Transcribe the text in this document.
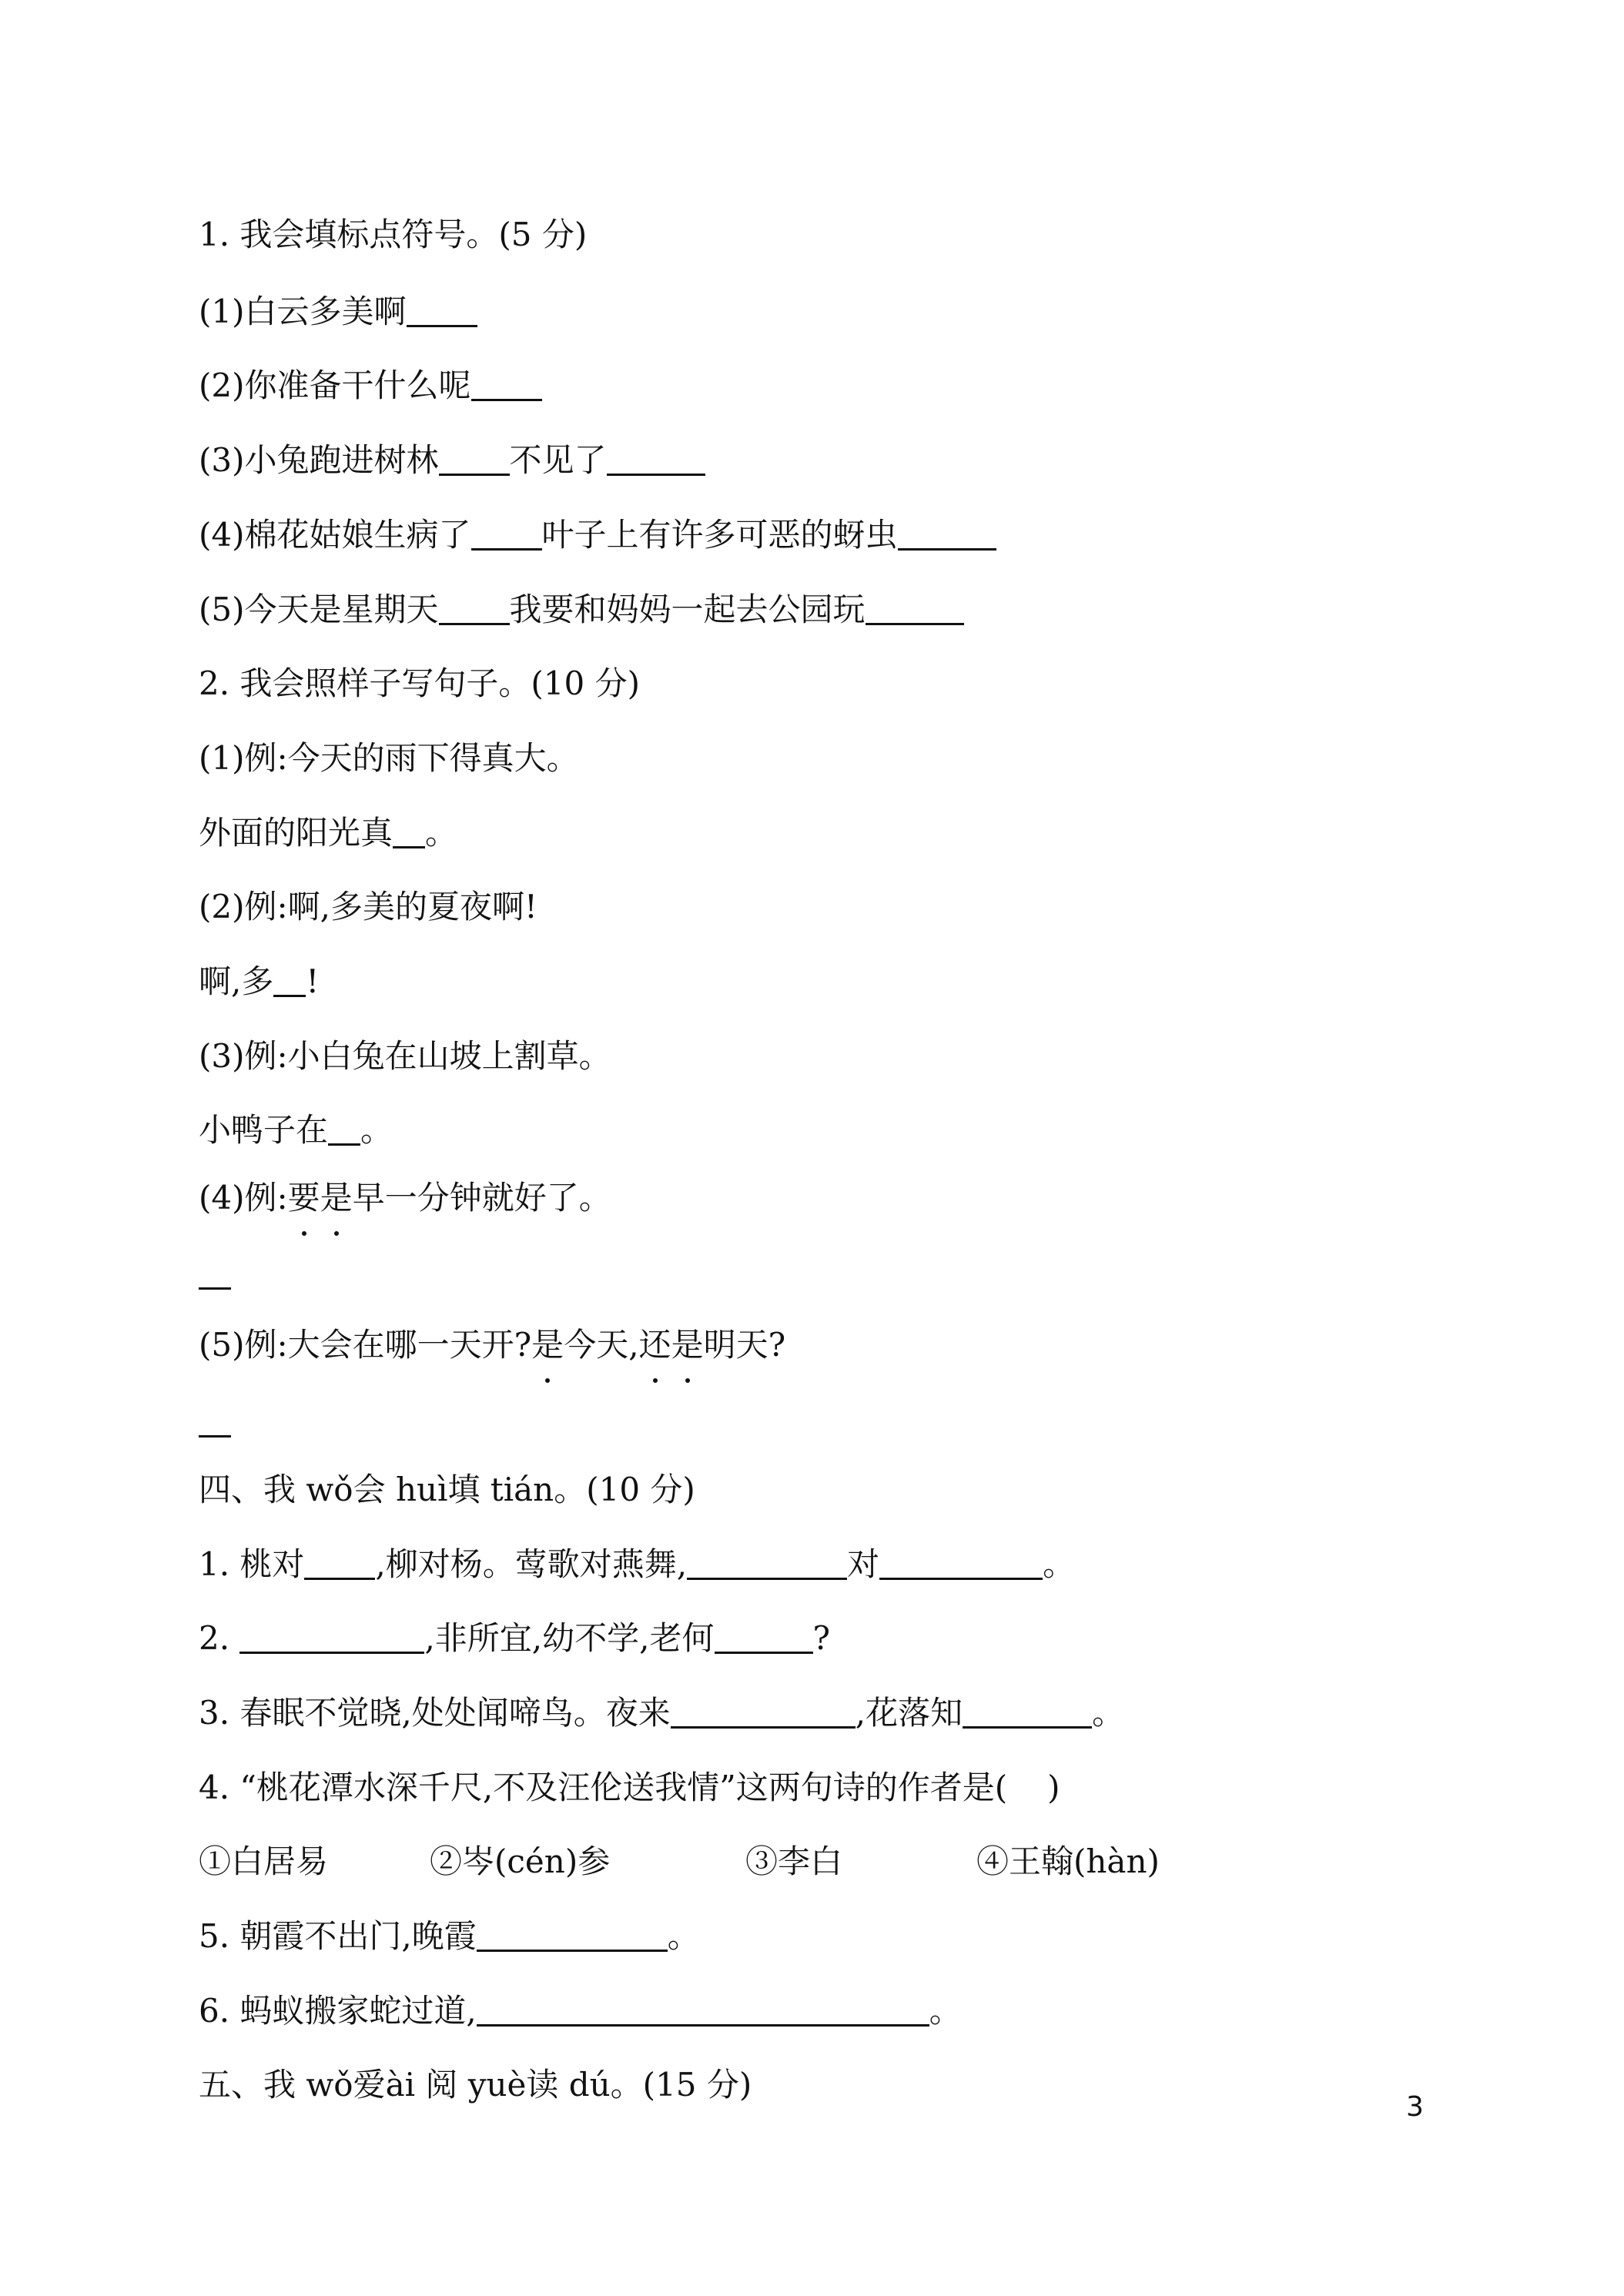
1. 我会填标点符号。(5 分)
(1)白云多美啊
(2)你准备干什么呢
(3)小兔跑进树林 不见了
(4)棉花姑娘生病了 叶子上有许多可恶的蚜虫
(5)今天是星期天 我要和妈妈一起去公园玩
2. 我会照样子写句子。(10 分)
(1)例:今天的雨下得真大。
外面的阳光真 。
(2)例:啊,多美的夏夜啊!
啊,多 !
(3)例:小白兔在山坡上割草。
小鸭子在 。
(4)例:要是早一分钟就好了。
(5)例:大会在哪一天开?是今天,还是明天?
四、我 wǒ会 huì填 tián。(10 分)
1. 桃对 ,柳对杨。莺歌对燕舞,	对	。
2.	,非所宜,幼不学,老何	?
3. 春眠不觉晓,处处闻啼鸟。夜来	,花落知	。
4. “桃花潭水深千尺,不及汪伦送我情”这两句诗的作者是( )
①白居易	②岑(cén)参	③李白	④王翰(hàn)
5. 朝霞不出门,晚霞	。
6. 蚂蚁搬家蛇过道,	。
五、我 wǒ爱ài 阅 yuè读 dú。(15 分)
3
